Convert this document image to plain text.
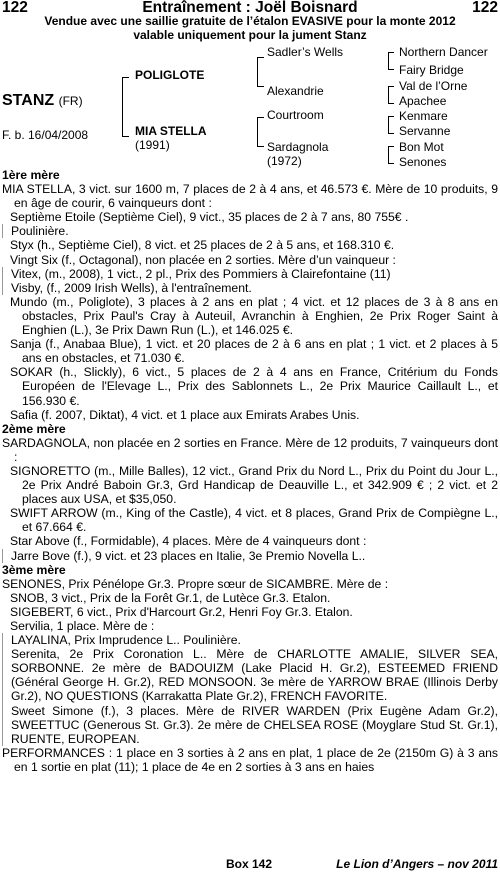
122	Entraînement : Joël Boisnard	122
Vendue avec une saillie gratuite de l’étalon EVASIVE pour la monte 2012
valable uniquement pour la jument Stanz
STANZ (FR)
F. b. 16/04/2008
POLIGLOTE
MIA STELLA
(1991)
Sadler’s Wells
Alexandrie
Courtroom
Sardagnola
(1972)
Northern Dancer
Fairy Bridge
Val de l’Orne
Apachee
Kenmare
Servanne
Bon Mot
Senones

1ère mère

MIA STELLA, 3 vict. sur 1600 m, 7 places de 2 à 4 ans, et 46.573 €. Mère de 10 produits, 9 en âge de courir, 6 vainqueurs dont :

Septième Etoile (Septième Ciel), 9 vict., 35 places de 2 à 7 ans, 80 755€ .

Poulinière.

Styx (h., Septième Ciel), 8 vict. et 25 places de 2 à 5 ans, et 168.310 €.

Vingt Six (f., Octagonal), non placée en 2 sorties. Mère d’un vainqueur :

Vitex, (m., 2008), 1 vict., 2 pl., Prix des Pommiers à Clairefontaine (11)

Visby, (f., 2009 Irish Wells), à l'entraînement.

Mundo (m., Poliglote), 3 places à 2 ans en plat ; 4 vict. et 12 places de 3 à 8 ans en obstacles, Prix Paul's Cray à Auteuil, Avranchin à Enghien, 2e Prix Roger Saint à Enghien (L.), 3e Prix Dawn Run (L.), et 146.025 €.

Sanja (f., Anabaa Blue), 1 vict. et 20 places de 2 à 6 ans en plat ; 1 vict. et 2 places à 5 ans en obstacles, et 71.030 €.

SOKAR (h., Slickly), 6 vict., 5 places de 2 à 4 ans en France, Critérium du Fonds Européen de l'Elevage L., Prix des Sablonnets L., 2e Prix Maurice Caillault L., et 156.930 €.

Safia (f. 2007, Diktat), 4 vict. et 1 place aux Emirats Arabes Unis.

2ème mère

SARDAGNOLA, non placée en 2 sorties en France. Mère de 12 produits, 7 vainqueurs dont :

SIGNORETTO (m., Mille Balles), 12 vict., Grand Prix du Nord L., Prix du Point du Jour L., 2e Prix André Baboin Gr.3, Grd Handicap de Deauville L., et 342.909 € ; 2 vict. et 2 places aux USA, et $35,050.

SWIFT ARROW (m., King of the Castle), 4 vict. et 8 places, Grand Prix de Compiègne L., et 67.664 €.

Star Above (f., Formidable), 4 places. Mère de 4 vainqueurs dont :

Jarre Bove (f.), 9 vict. et 23 places en Italie, 3e Premio Novella L..

3ème mère

SENONES, Prix Pénélope Gr.3. Propre sœur de SICAMBRE. Mère de :

SNOB, 3 vict., Prix de la Forêt Gr.1, de Lutèce Gr.3. Etalon.

SIGEBERT, 6 vict., Prix d'Harcourt Gr.2, Henri Foy Gr.3. Etalon.

Servilia, 1 place. Mère de :

LAYALINA, Prix Imprudence L.. Poulinière.

Serenita, 2e Prix Coronation L.. Mère de CHARLOTTE AMALIE, SILVER SEA, SORBONNE. 2e mère de BADOUIZM (Lake Placid H. Gr.2), ESTEEMED FRIEND (Général George H. Gr.2), RED MONSOON. 3e mère de YARROW BRAE (Illinois Derby Gr.2), NO QUESTIONS (Karrakatta Plate Gr.2), FRENCH FAVORITE.

Sweet Simone (f.), 3 places. Mère de RIVER WARDEN (Prix Eugène Adam Gr.2), SWEETTUC (Generous St. Gr.3). 2e mère de CHELSEA ROSE (Moyglare Stud St. Gr.1), RUENTE, EUROPEAN.

PERFORMANCES : 1 place en 3 sorties à 2 ans en plat, 1 place de 2e (2150m G) à 3 ans en 1 sortie en plat (11); 1 place de 4e en 2 sorties à 3 ans en haies

Box 142	Le Lion d’Angers – nov 2011
